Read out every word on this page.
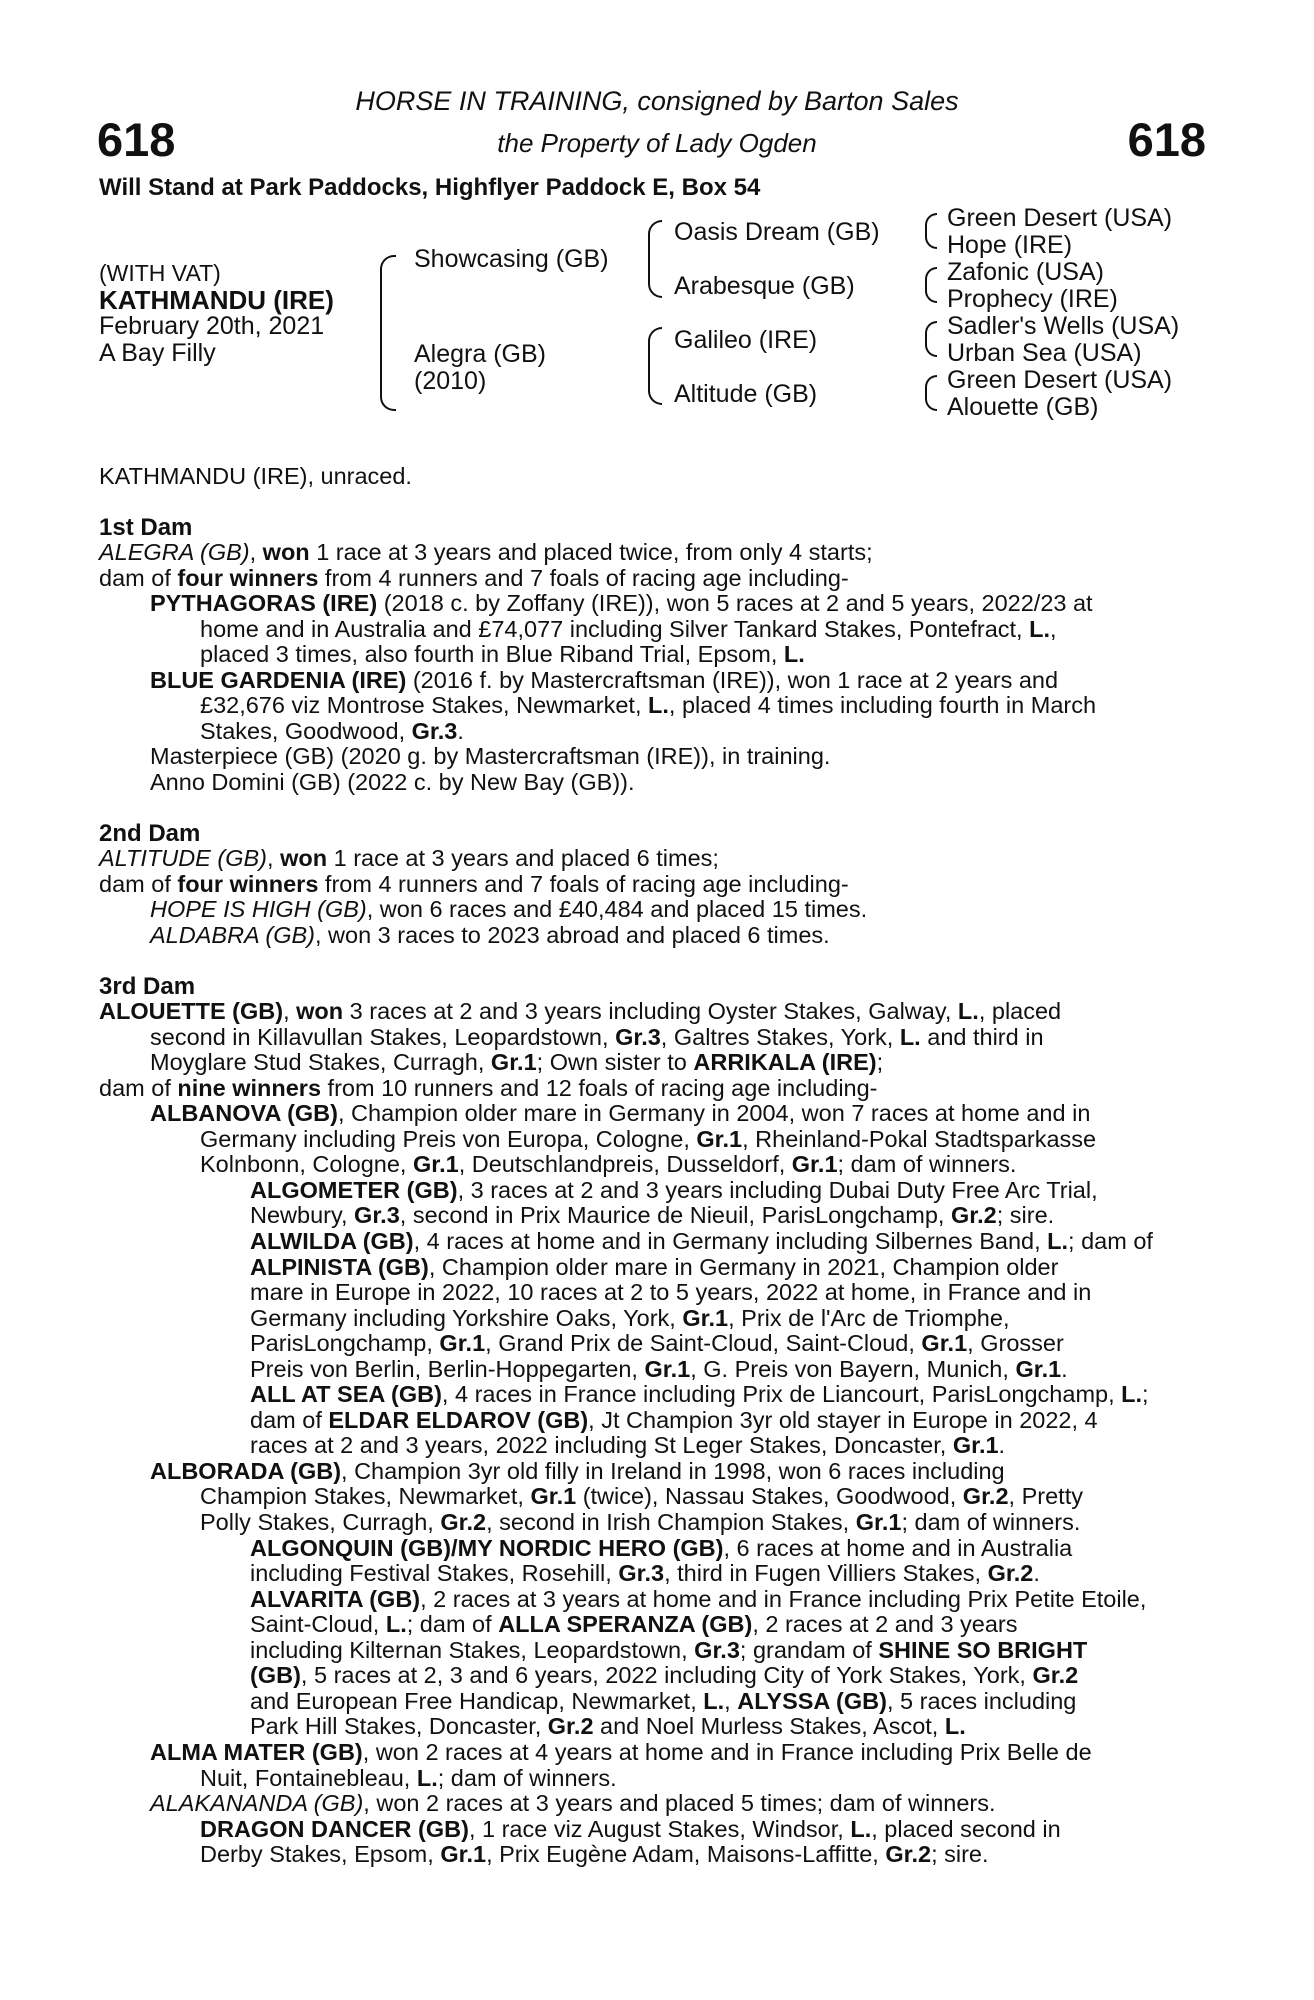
618	618
HORSE IN TRAINING, consigned by Barton Sales
the Property of Lady Ogden
Will Stand at Park Paddocks, Highflyer Paddock E, Box 54
(WITH VAT)
KATHMANDU (IRE)
February 20th, 2021
A Bay Filly
Showcasing (GB)
Alegra (GB)
(2010)
Oasis Dream (GB)
Arabesque (GB)
Galileo (IRE)
Altitude (GB)
Green Desert (USA)
Hope (IRE)
Zafonic (USA)
Prophecy (IRE)
Sadler's Wells (USA)
Urban Sea (USA)
Green Desert (USA)
Alouette (GB)
KATHMANDU (IRE), unraced.
1st Dam
ALEGRA (GB), won 1 race at 3 years and placed twice, from only 4 starts;
dam of four winners from 4 runners and 7 foals of racing age including-
PYTHAGORAS (IRE) (2018 c. by Zoffany (IRE)), won 5 races at 2 and 5 years, 2022/23 at
home and in Australia and £74,077 including Silver Tankard Stakes, Pontefract, L.,
placed 3 times, also fourth in Blue Riband Trial, Epsom, L.
BLUE GARDENIA (IRE) (2016 f. by Mastercraftsman (IRE)), won 1 race at 2 years and
£32,676 viz Montrose Stakes, Newmarket, L., placed 4 times including fourth in March
Stakes, Goodwood, Gr.3.
Masterpiece (GB) (2020 g. by Mastercraftsman (IRE)), in training.
Anno Domini (GB) (2022 c. by New Bay (GB)).
2nd Dam
ALTITUDE (GB), won 1 race at 3 years and placed 6 times;
dam of four winners from 4 runners and 7 foals of racing age including-
HOPE IS HIGH (GB), won 6 races and £40,484 and placed 15 times.
ALDABRA (GB), won 3 races to 2023 abroad and placed 6 times.
3rd Dam
ALOUETTE (GB), won 3 races at 2 and 3 years including Oyster Stakes, Galway, L., placed
second in Killavullan Stakes, Leopardstown, Gr.3, Galtres Stakes, York, L. and third in
Moyglare Stud Stakes, Curragh, Gr.1; Own sister to ARRIKALA (IRE);
dam of nine winners from 10 runners and 12 foals of racing age including-
ALBANOVA (GB), Champion older mare in Germany in 2004, won 7 races at home and in
Germany including Preis von Europa, Cologne, Gr.1, Rheinland-Pokal Stadtsparkasse
Kolnbonn, Cologne, Gr.1, Deutschlandpreis, Dusseldorf, Gr.1; dam of winners.
ALGOMETER (GB), 3 races at 2 and 3 years including Dubai Duty Free Arc Trial,
Newbury, Gr.3, second in Prix Maurice de Nieuil, ParisLongchamp, Gr.2; sire.
ALWILDA (GB), 4 races at home and in Germany including Silbernes Band, L.; dam of
ALPINISTA (GB), Champion older mare in Germany in 2021, Champion older
mare in Europe in 2022, 10 races at 2 to 5 years, 2022 at home, in France and in
Germany including Yorkshire Oaks, York, Gr.1, Prix de l'Arc de Triomphe,
ParisLongchamp, Gr.1, Grand Prix de Saint-Cloud, Saint-Cloud, Gr.1, Grosser
Preis von Berlin, Berlin-Hoppegarten, Gr.1, G. Preis von Bayern, Munich, Gr.1.
ALL AT SEA (GB), 4 races in France including Prix de Liancourt, ParisLongchamp, L.;
dam of ELDAR ELDAROV (GB), Jt Champion 3yr old stayer in Europe in 2022, 4
races at 2 and 3 years, 2022 including St Leger Stakes, Doncaster, Gr.1.
ALBORADA (GB), Champion 3yr old filly in Ireland in 1998, won 6 races including
Champion Stakes, Newmarket, Gr.1 (twice), Nassau Stakes, Goodwood, Gr.2, Pretty
Polly Stakes, Curragh, Gr.2, second in Irish Champion Stakes, Gr.1; dam of winners.
ALGONQUIN (GB)/MY NORDIC HERO (GB), 6 races at home and in Australia
including Festival Stakes, Rosehill, Gr.3, third in Fugen Villiers Stakes, Gr.2.
ALVARITA (GB), 2 races at 3 years at home and in France including Prix Petite Etoile,
Saint-Cloud, L.; dam of ALLA SPERANZA (GB), 2 races at 2 and 3 years
including Kilternan Stakes, Leopardstown, Gr.3; grandam of SHINE SO BRIGHT
(GB), 5 races at 2, 3 and 6 years, 2022 including City of York Stakes, York, Gr.2
and European Free Handicap, Newmarket, L., ALYSSA (GB), 5 races including
Park Hill Stakes, Doncaster, Gr.2 and Noel Murless Stakes, Ascot, L.
ALMA MATER (GB), won 2 races at 4 years at home and in France including Prix Belle de
Nuit, Fontainebleau, L.; dam of winners.
ALAKANANDA (GB), won 2 races at 3 years and placed 5 times; dam of winners.
DRAGON DANCER (GB), 1 race viz August Stakes, Windsor, L., placed second in
Derby Stakes, Epsom, Gr.1, Prix Eugène Adam, Maisons-Laffitte, Gr.2; sire.
